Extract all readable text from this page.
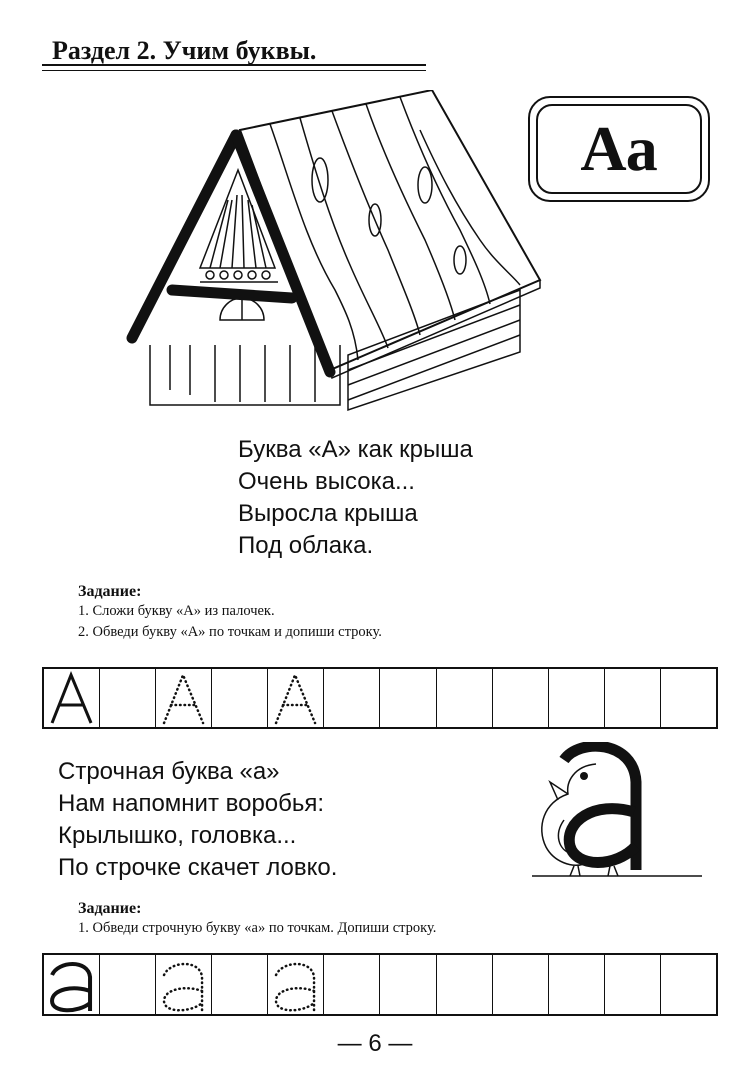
Раздел 2. Учим буквы.
Аа
Буква «А» как крыша
Очень высока...
Выросла крыша
Под облака.
Задание:
1. Сложи букву «А» из палочек.
2. Обведи букву «А» по точкам и допиши строку.
Строчная буква «а»
Нам напомнит воробья:
Крылышко, головка...
По строчке скачет ловко.
Задание:
1. Обведи строчную букву «а» по точкам. Допиши строку.
— 6 —
